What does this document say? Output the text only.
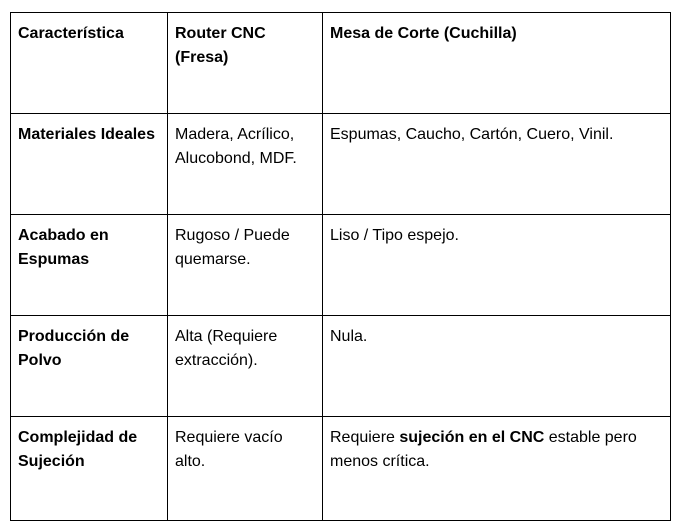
Característica	Router CNC (Fresa)	Mesa de Corte (Cuchilla)
Materiales Ideales	Madera, Acrílico, Alucobond, MDF.	Espumas, Caucho, Cartón, Cuero, Vinil.
Acabado en Espumas	Rugoso / Puede quemarse.	Liso / Tipo espejo.
Producción de Polvo	Alta (Requiere extracción).	Nula.
Complejidad de Sujeción	Requiere vacío alto.	Requiere sujeción en el CNC estable pero menos crítica.
